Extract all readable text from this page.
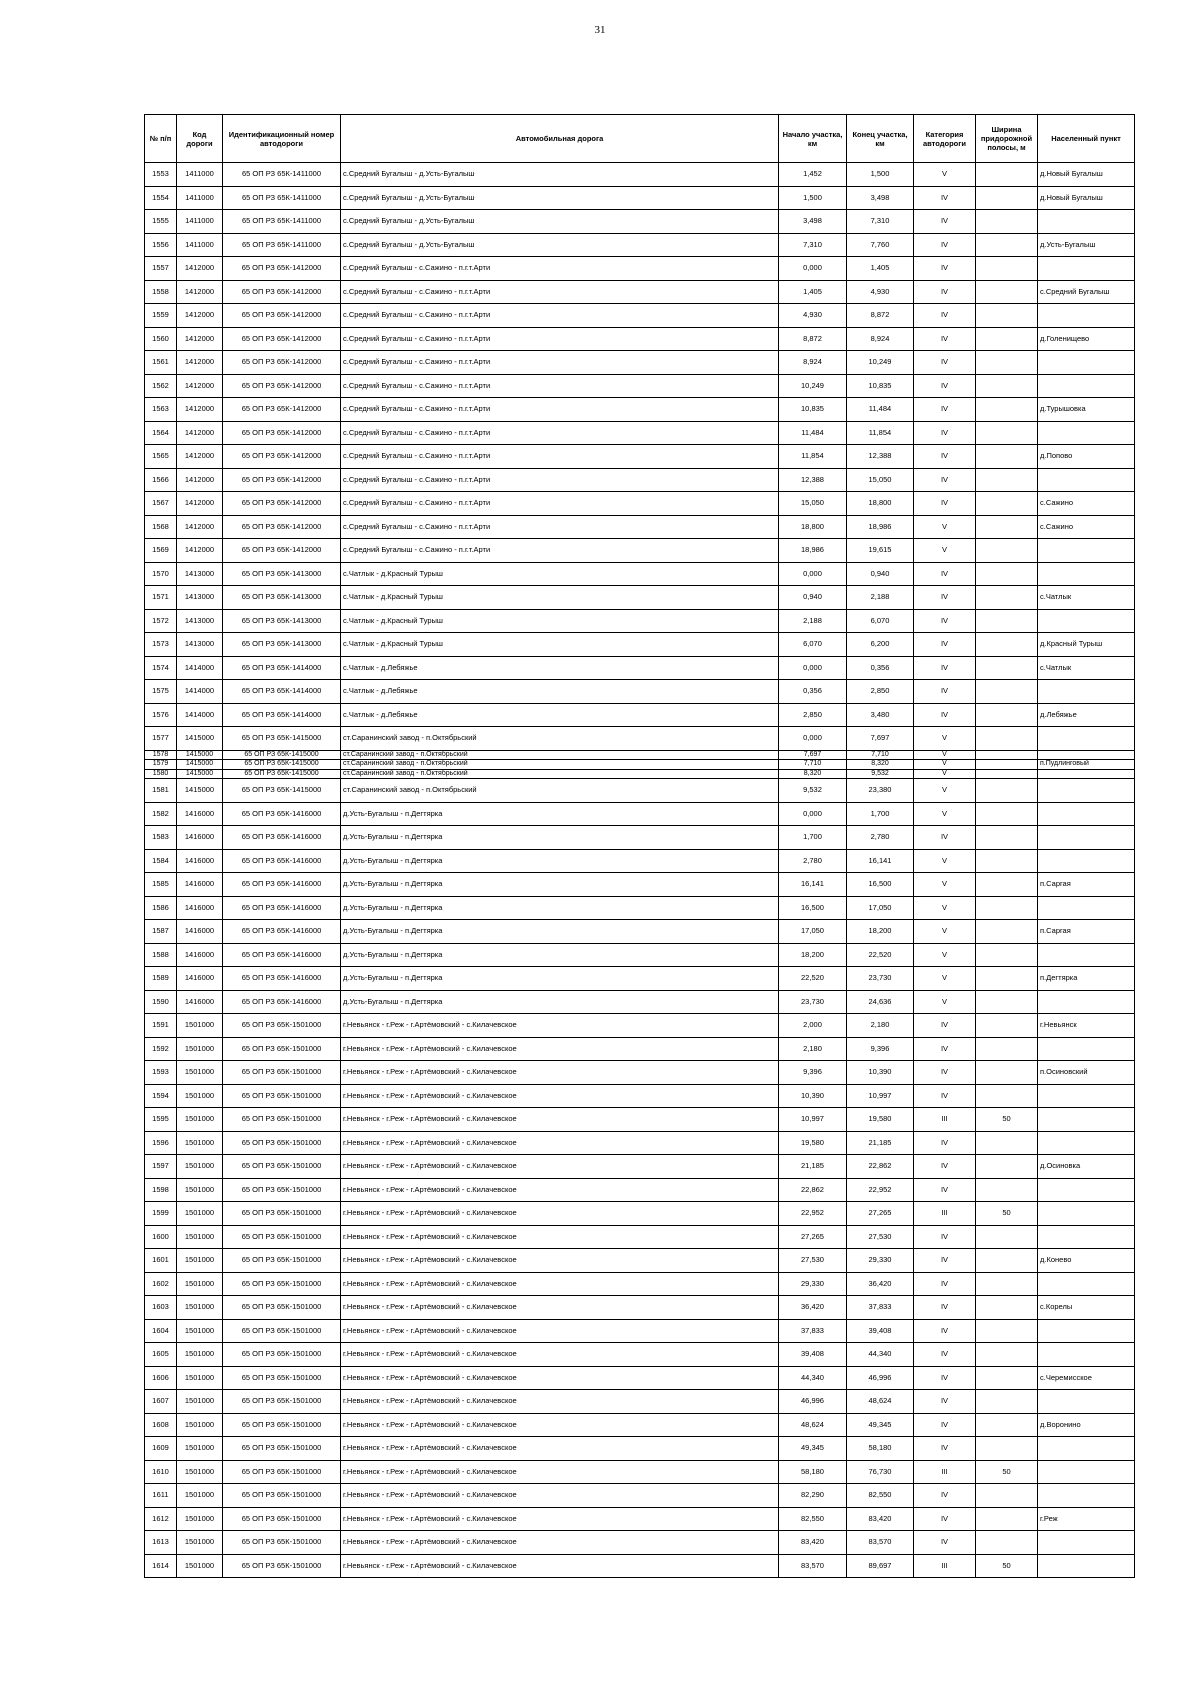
31
№ п/п	Код дороги	Идентификационный номер автодороги	Автомобильная дорога	Начало участка, км	Конец участка, км	Категория автодороги	Ширина придорожной полосы, м	Населенный пункт
1553	1411000	65 ОП РЗ 65К-1411000	с.Средний Бугалыш - д.Усть-Бугалыш	1,452	1,500	V		д.Новый Бугалыш
1554	1411000	65 ОП РЗ 65К-1411000	с.Средний Бугалыш - д.Усть-Бугалыш	1,500	3,498	IV		д.Новый Бугалыш
1555	1411000	65 ОП РЗ 65К-1411000	с.Средний Бугалыш - д.Усть-Бугалыш	3,498	7,310	IV		
1556	1411000	65 ОП РЗ 65К-1411000	с.Средний Бугалыш - д.Усть-Бугалыш	7,310	7,760	IV		д.Усть-Бугалыш
1557	1412000	65 ОП РЗ 65К-1412000	с.Средний Бугалыш - с.Сажино - п.г.т.Арти	0,000	1,405	IV		
1558	1412000	65 ОП РЗ 65К-1412000	с.Средний Бугалыш - с.Сажино - п.г.т.Арти	1,405	4,930	IV		с.Средний Бугалыш
1559	1412000	65 ОП РЗ 65К-1412000	с.Средний Бугалыш - с.Сажино - п.г.т.Арти	4,930	8,872	IV		
1560	1412000	65 ОП РЗ 65К-1412000	с.Средний Бугалыш - с.Сажино - п.г.т.Арти	8,872	8,924	IV		д.Голенищево
1561	1412000	65 ОП РЗ 65К-1412000	с.Средний Бугалыш - с.Сажино - п.г.т.Арти	8,924	10,249	IV		
1562	1412000	65 ОП РЗ 65К-1412000	с.Средний Бугалыш - с.Сажино - п.г.т.Арти	10,249	10,835	IV		
1563	1412000	65 ОП РЗ 65К-1412000	с.Средний Бугалыш - с.Сажино - п.г.т.Арти	10,835	11,484	IV		д.Турышовка
1564	1412000	65 ОП РЗ 65К-1412000	с.Средний Бугалыш - с.Сажино - п.г.т.Арти	11,484	11,854	IV		
1565	1412000	65 ОП РЗ 65К-1412000	с.Средний Бугалыш - с.Сажино - п.г.т.Арти	11,854	12,388	IV		д.Попово
1566	1412000	65 ОП РЗ 65К-1412000	с.Средний Бугалыш - с.Сажино - п.г.т.Арти	12,388	15,050	IV		
1567	1412000	65 ОП РЗ 65К-1412000	с.Средний Бугалыш - с.Сажино - п.г.т.Арти	15,050	18,800	IV		с.Сажино
1568	1412000	65 ОП РЗ 65К-1412000	с.Средний Бугалыш - с.Сажино - п.г.т.Арти	18,800	18,986	V		с.Сажино
1569	1412000	65 ОП РЗ 65К-1412000	с.Средний Бугалыш - с.Сажино - п.г.т.Арти	18,986	19,615	V		
1570	1413000	65 ОП РЗ 65К-1413000	с.Чатлык - д.Красный Турыш	0,000	0,940	IV		
1571	1413000	65 ОП РЗ 65К-1413000	с.Чатлык - д.Красный Турыш	0,940	2,188	IV		с.Чатлык
1572	1413000	65 ОП РЗ 65К-1413000	с.Чатлык - д.Красный Турыш	2,188	6,070	IV		
1573	1413000	65 ОП РЗ 65К-1413000	с.Чатлык - д.Красный Турыш	6,070	6,200	IV		д.Красный Турыш
1574	1414000	65 ОП РЗ 65К-1414000	с.Чатлык - д.Лебяжье	0,000	0,356	IV		с.Чатлык
1575	1414000	65 ОП РЗ 65К-1414000	с.Чатлык - д.Лебяжье	0,356	2,850	IV		
1576	1414000	65 ОП РЗ 65К-1414000	с.Чатлык - д.Лебяжье	2,850	3,480	IV		д.Лебяжье
1577	1415000	65 ОП РЗ 65К-1415000	ст.Саранинский завод - п.Октябрьский	0,000	7,697	V		
1578	1415000	65 ОП РЗ 65К-1415000	ст.Саранинский завод - п.Октябрьский	7,697	7,710	V		
1579	1415000	65 ОП РЗ 65К-1415000	ст.Саранинский завод - п.Октябрьский	7,710	8,320	V		п.Пудлинговый
1580	1415000	65 ОП РЗ 65К-1415000	ст.Саранинский завод - п.Октябрьский	8,320	9,532	V		
1581	1415000	65 ОП РЗ 65К-1415000	ст.Саранинский завод - п.Октябрьский	9,532	23,380	V		
1582	1416000	65 ОП РЗ 65К-1416000	д.Усть-Бугалыш - п.Дегтярка	0,000	1,700	V		
1583	1416000	65 ОП РЗ 65К-1416000	д.Усть-Бугалыш - п.Дегтярка	1,700	2,780	IV		
1584	1416000	65 ОП РЗ 65К-1416000	д.Усть-Бугалыш - п.Дегтярка	2,780	16,141	V		
1585	1416000	65 ОП РЗ 65К-1416000	д.Усть-Бугалыш - п.Дегтярка	16,141	16,500	V		п.Саргая
1586	1416000	65 ОП РЗ 65К-1416000	д.Усть-Бугалыш - п.Дегтярка	16,500	17,050	V		
1587	1416000	65 ОП РЗ 65К-1416000	д.Усть-Бугалыш - п.Дегтярка	17,050	18,200	V		п.Саргая
1588	1416000	65 ОП РЗ 65К-1416000	д.Усть-Бугалыш - п.Дегтярка	18,200	22,520	V		
1589	1416000	65 ОП РЗ 65К-1416000	д.Усть-Бугалыш - п.Дегтярка	22,520	23,730	V		п.Дегтярка
1590	1416000	65 ОП РЗ 65К-1416000	д.Усть-Бугалыш - п.Дегтярка	23,730	24,636	V		
1591	1501000	65 ОП РЗ 65К-1501000	г.Невьянск - г.Реж - г.Артёмовский - с.Килачевское	2,000	2,180	IV		г.Невьянск
1592	1501000	65 ОП РЗ 65К-1501000	г.Невьянск - г.Реж - г.Артёмовский - с.Килачевское	2,180	9,396	IV		
1593	1501000	65 ОП РЗ 65К-1501000	г.Невьянск - г.Реж - г.Артёмовский - с.Килачевское	9,396	10,390	IV		п.Осиновский
1594	1501000	65 ОП РЗ 65К-1501000	г.Невьянск - г.Реж - г.Артёмовский - с.Килачевское	10,390	10,997	IV		
1595	1501000	65 ОП РЗ 65К-1501000	г.Невьянск - г.Реж - г.Артёмовский - с.Килачевское	10,997	19,580	III	50	
1596	1501000	65 ОП РЗ 65К-1501000	г.Невьянск - г.Реж - г.Артёмовский - с.Килачевское	19,580	21,185	IV		
1597	1501000	65 ОП РЗ 65К-1501000	г.Невьянск - г.Реж - г.Артёмовский - с.Килачевское	21,185	22,862	IV		д.Осиновка
1598	1501000	65 ОП РЗ 65К-1501000	г.Невьянск - г.Реж - г.Артёмовский - с.Килачевское	22,862	22,952	IV		
1599	1501000	65 ОП РЗ 65К-1501000	г.Невьянск - г.Реж - г.Артёмовский - с.Килачевское	22,952	27,265	III	50	
1600	1501000	65 ОП РЗ 65К-1501000	г.Невьянск - г.Реж - г.Артёмовский - с.Килачевское	27,265	27,530	IV		
1601	1501000	65 ОП РЗ 65К-1501000	г.Невьянск - г.Реж - г.Артёмовский - с.Килачевское	27,530	29,330	IV		д.Конево
1602	1501000	65 ОП РЗ 65К-1501000	г.Невьянск - г.Реж - г.Артёмовский - с.Килачевское	29,330	36,420	IV		
1603	1501000	65 ОП РЗ 65К-1501000	г.Невьянск - г.Реж - г.Артёмовский - с.Килачевское	36,420	37,833	IV		с.Корелы
1604	1501000	65 ОП РЗ 65К-1501000	г.Невьянск - г.Реж - г.Артёмовский - с.Килачевское	37,833	39,408	IV		
1605	1501000	65 ОП РЗ 65К-1501000	г.Невьянск - г.Реж - г.Артёмовский - с.Килачевское	39,408	44,340	IV		
1606	1501000	65 ОП РЗ 65К-1501000	г.Невьянск - г.Реж - г.Артёмовский - с.Килачевское	44,340	46,996	IV		с.Черемисское
1607	1501000	65 ОП РЗ 65К-1501000	г.Невьянск - г.Реж - г.Артёмовский - с.Килачевское	46,996	48,624	IV		
1608	1501000	65 ОП РЗ 65К-1501000	г.Невьянск - г.Реж - г.Артёмовский - с.Килачевское	48,624	49,345	IV		д.Воронино
1609	1501000	65 ОП РЗ 65К-1501000	г.Невьянск - г.Реж - г.Артёмовский - с.Килачевское	49,345	58,180	IV		
1610	1501000	65 ОП РЗ 65К-1501000	г.Невьянск - г.Реж - г.Артёмовский - с.Килачевское	58,180	76,730	III	50	
1611	1501000	65 ОП РЗ 65К-1501000	г.Невьянск - г.Реж - г.Артёмовский - с.Килачевское	82,290	82,550	IV		
1612	1501000	65 ОП РЗ 65К-1501000	г.Невьянск - г.Реж - г.Артёмовский - с.Килачевское	82,550	83,420	IV		г.Реж
1613	1501000	65 ОП РЗ 65К-1501000	г.Невьянск - г.Реж - г.Артёмовский - с.Килачевское	83,420	83,570	IV		
1614	1501000	65 ОП РЗ 65К-1501000	г.Невьянск - г.Реж - г.Артёмовский - с.Килачевское	83,570	89,697	III	50	
